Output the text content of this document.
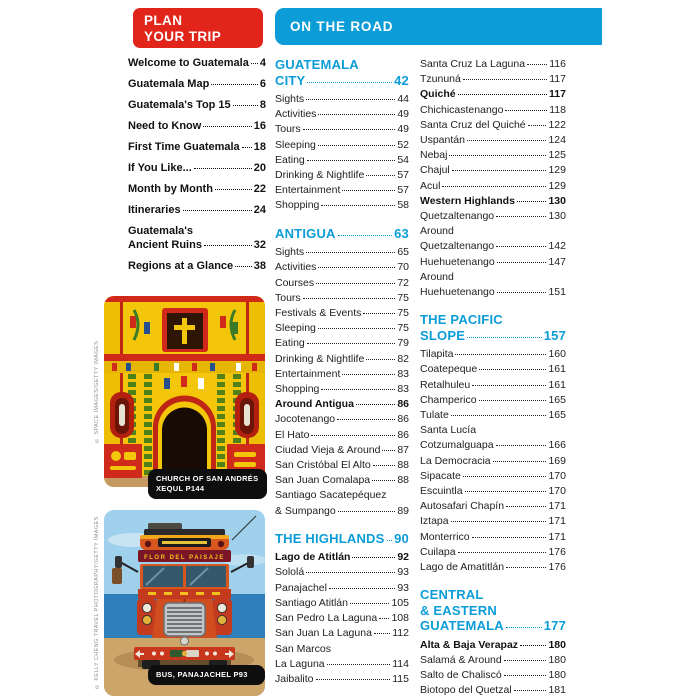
PLAN
YOUR TRIP
ON THE ROAD
Welcome to Guatemala 4
Guatemala Map	6
Guatemala's Top 15	8
Need to Know	16
First Time Guatemala 18
If You Like...	20
Month by Month	22
Itineraries	24
Guatemala's
Ancient Ruins	32
Regions at a Glance 38
GUATEMALA
CITY	42
Sights	44
Activities	49
Tours	49
Sleeping	52
Eating	54
Drinking & Nightlife	57
Entertainment	57
Shopping	58
ANTIGUA	63
Sights	65
Activities	70
Courses	72
Tours	75
Festivals & Events	75
Sleeping	75
Eating	79
Drinking & Nightlife	82
Entertainment	83
Shopping	83
Around Antigua	86
Jocotenango	86
El Hato	86
Ciudad Vieja & Around 87
San Cristóbal El Alto	88
San Juan Comalapa	88
Santiago Sacatepéquez
& Sumpango	89
THE HIGHLANDS 90
Lago de Atitlán	92
Sololá	93
Panajachel	93
Santiago Atitlán	105
San Pedro La Laguna 108
San Juan La Laguna 112
San Marcos
La Laguna	114
Jaibalito	115
Santa Cruz La Laguna 116
Tzununá	117
Quiché	117
Chichicastenango	118
Santa Cruz del Quiché 122
Uspantán	124
Nebaj	125
Chajul	129
Acul	129
Western Highlands	130
Quetzaltenango	130
Around
Quetzaltenango	142
Huehuetenango	147
Around
Huehuetenango	151
THE PACIFIC
SLOPE	157
Tilapita	160
Coatepeque	161
Retalhuleu	161
Champerico	165
Tulate	165
Santa Lucía
Cotzumalguapa	166
La Democracia	169
Sipacate	170
Escuintla	170
Autosafari Chapín	171
Iztapa	171
Monterrico	171
Cuilapa	176
Lago de Amatitlán	176
CENTRAL
& EASTERN
GUATEMALA	177
Alta & Baja Verapaz	180
Salamá & Around	180
Salto de Chaliscó	180
Biotopo del Quetzal	181
© SPACE IMAGES/GETTY IMAGES
CHURCH OF SAN ANDRÉS
XEQUL P144
FLOR DEL PAISAJE
© KELLY CHENG TRAVEL PHOTOGRAPHY/GETTY IMAGES	BUS, PANAJACHEL P93
